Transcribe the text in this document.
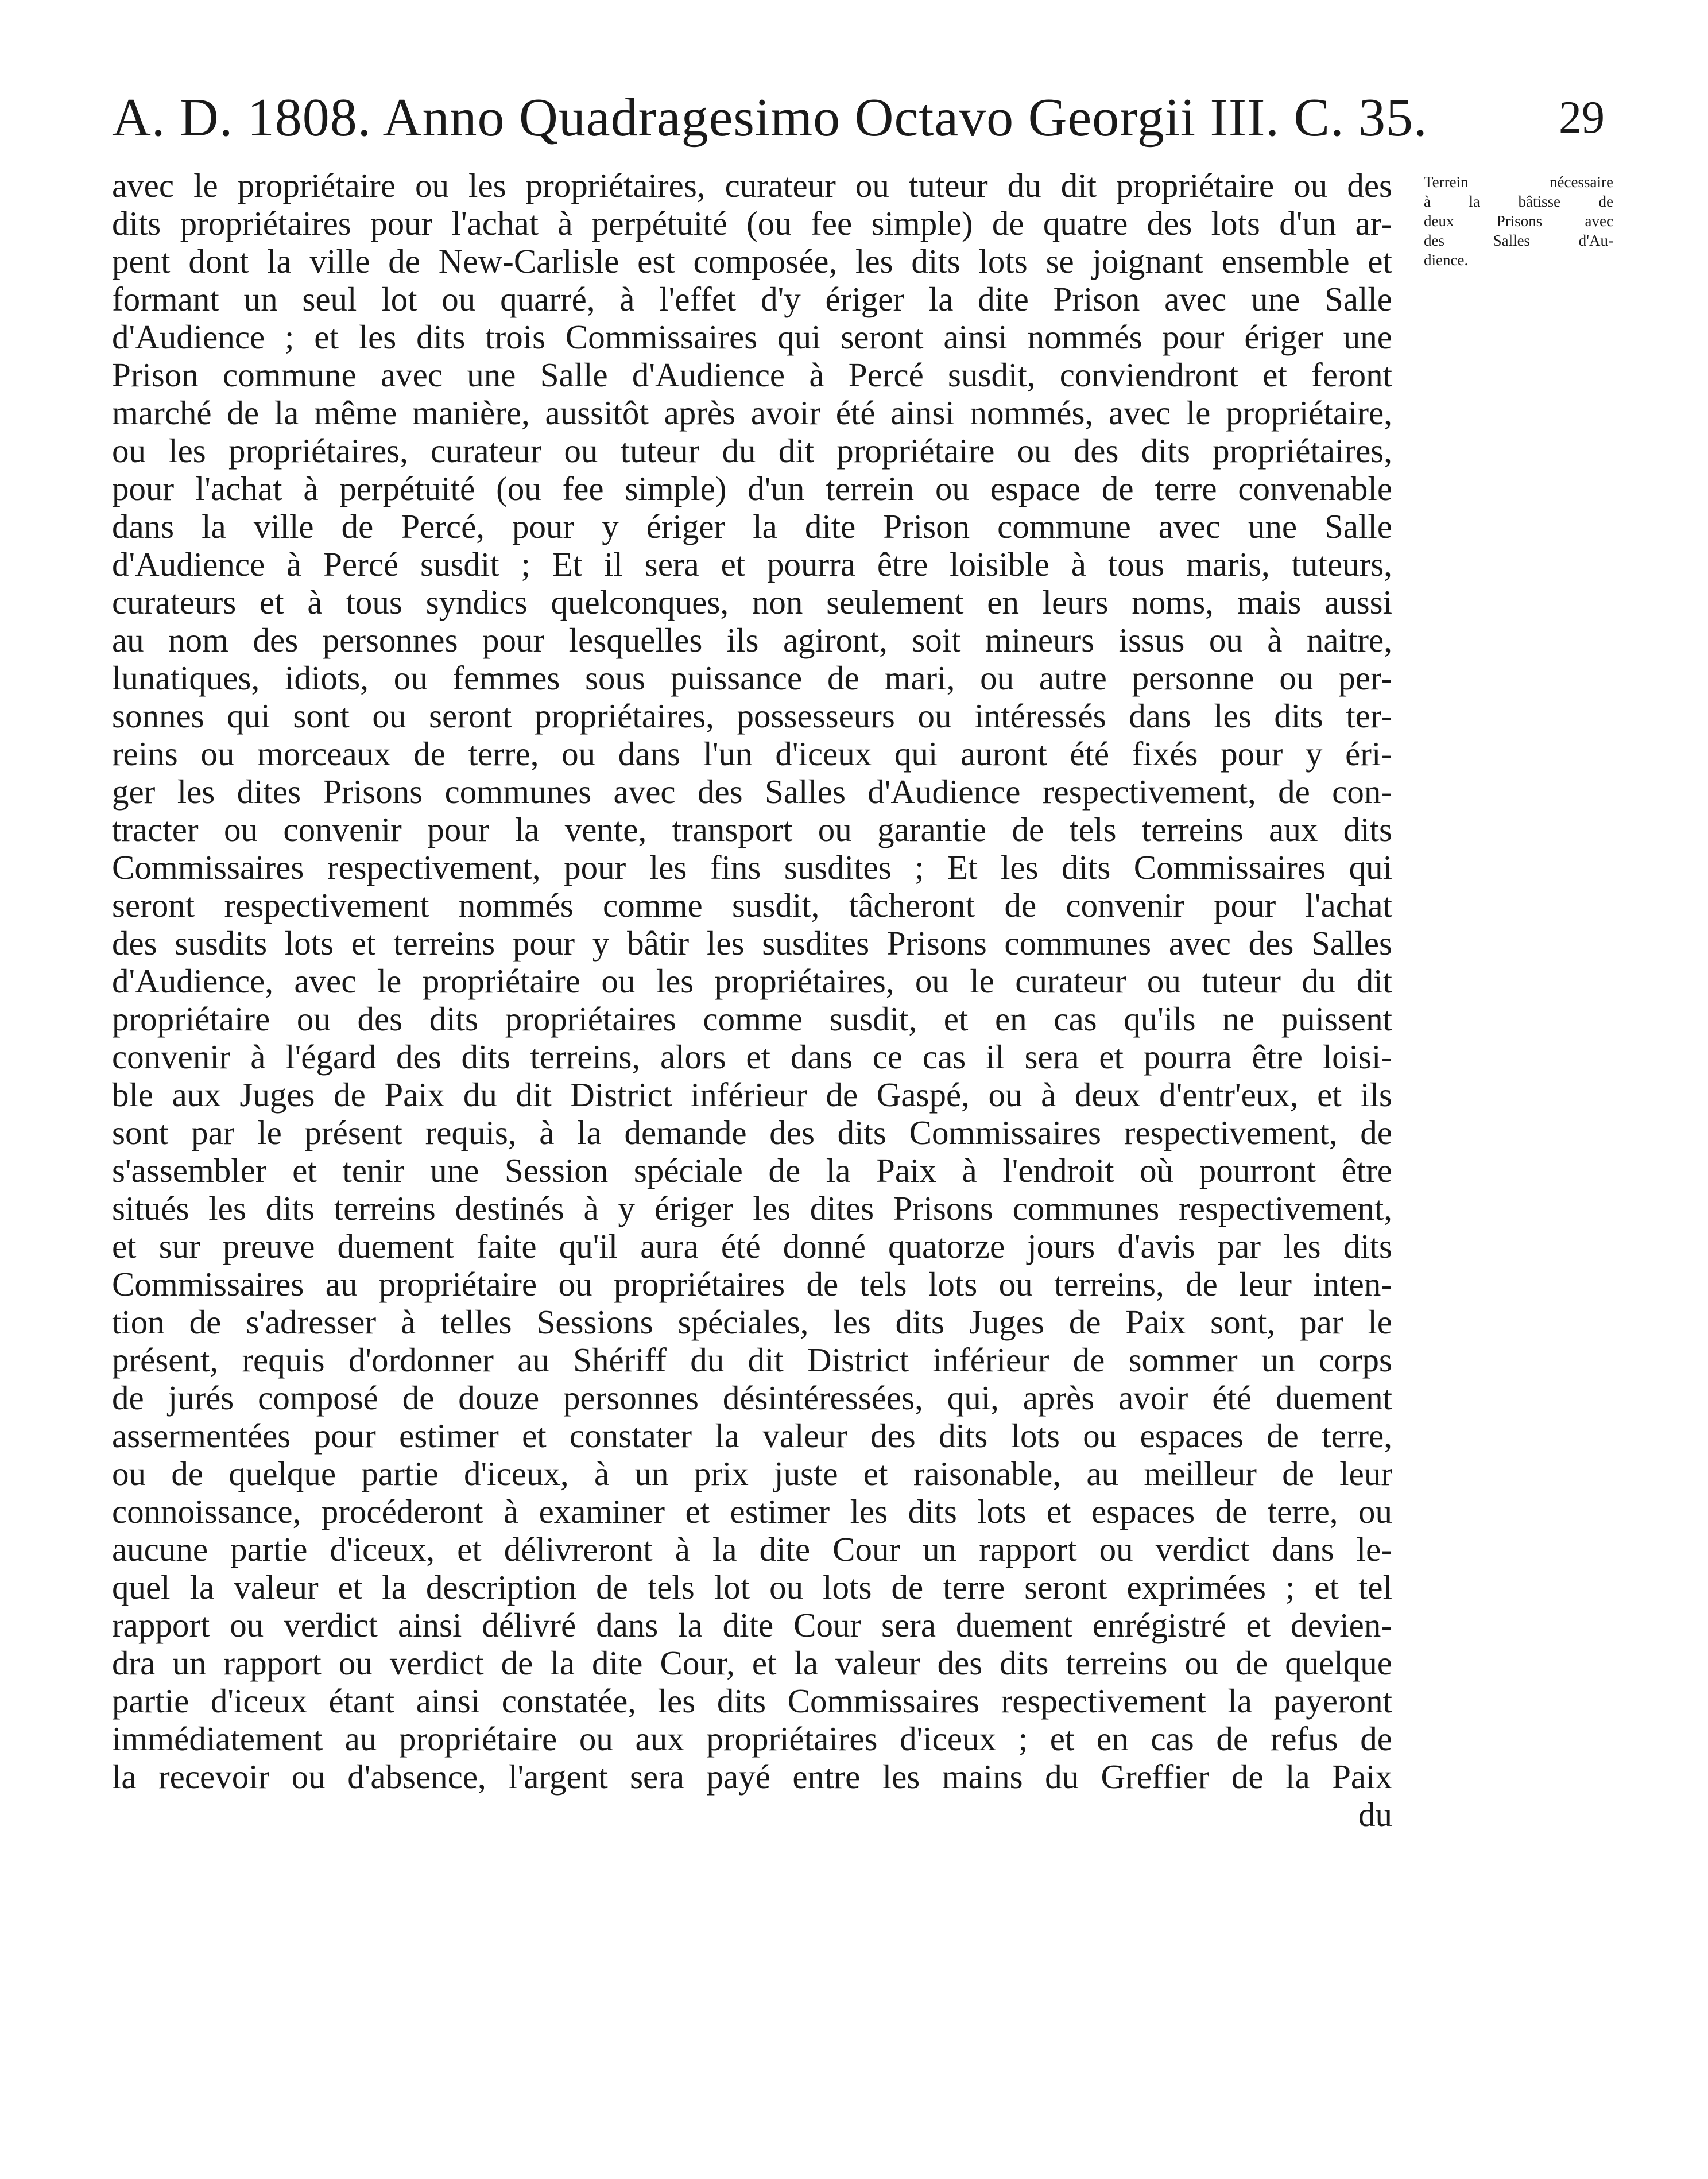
A. D. 1808. Anno Quadragesimo Octavo Georgii III. C. 35.	29
Terrein nécessaire
à la bâtisse de
deux Prisons avec
des Salles d'Au-
dience.
avec le propriétaire ou les propriétaires, curateur ou tuteur du dit propriétaire ou des
dits propriétaires pour l'achat à perpétuité (ou fee simple) de quatre des lots d'un ar-
pent dont la ville de New-Carlisle est composée, les dits lots se joignant ensemble et
formant un seul lot ou quarré, à l'effet d'y ériger la dite Prison avec une Salle
d'Audience ; et les dits trois Commissaires qui seront ainsi nommés pour ériger une
Prison commune avec une Salle d'Audience à Percé susdit, conviendront et feront
marché de la même manière, aussitôt après avoir été ainsi nommés, avec le propriétaire,
ou les propriétaires, curateur ou tuteur du dit propriétaire ou des dits propriétaires,
pour l'achat à perpétuité (ou fee simple) d'un terrein ou espace de terre convenable
dans la ville de Percé, pour y ériger la dite Prison commune avec une Salle
d'Audience à Percé susdit ; Et il sera et pourra être loisible à tous maris, tuteurs,
curateurs et à tous syndics quelconques, non seulement en leurs noms, mais aussi
au nom des personnes pour lesquelles ils agiront, soit mineurs issus ou à naitre,
lunatiques, idiots, ou femmes sous puissance de mari, ou autre personne ou per-
sonnes qui sont ou seront propriétaires, possesseurs ou intéressés dans les dits ter-
reins ou morceaux de terre, ou dans l'un d'iceux qui auront été fixés pour y éri-
ger les dites Prisons communes avec des Salles d'Audience respectivement, de con-
tracter ou convenir pour la vente, transport ou garantie de tels terreins aux dits
Commissaires respectivement, pour les fins susdites ; Et les dits Commissaires qui
seront respectivement nommés comme susdit, tâcheront de convenir pour l'achat
des susdits lots et terreins pour y bâtir les susdites Prisons communes avec des Salles
d'Audience, avec le propriétaire ou les propriétaires, ou le curateur ou tuteur du dit
propriétaire ou des dits propriétaires comme susdit, et en cas qu'ils ne puissent
convenir à l'égard des dits terreins, alors et dans ce cas il sera et pourra être loisi-
ble aux Juges de Paix du dit District inférieur de Gaspé, ou à deux d'entr'eux, et ils
sont par le présent requis, à la demande des dits Commissaires respectivement, de
s'assembler et tenir une Session spéciale de la Paix à l'endroit où pourront être
situés les dits terreins destinés à y ériger les dites Prisons communes respectivement,
et sur preuve duement faite qu'il aura été donné quatorze jours d'avis par les dits
Commissaires au propriétaire ou propriétaires de tels lots ou terreins, de leur inten-
tion de s'adresser à telles Sessions spéciales, les dits Juges de Paix sont, par le
présent, requis d'ordonner au Shériff du dit District inférieur de sommer un corps
de jurés composé de douze personnes désintéressées, qui, après avoir été duement
assermentées pour estimer et constater la valeur des dits lots ou espaces de terre,
ou de quelque partie d'iceux, à un prix juste et raisonable, au meilleur de leur
connoissance, procéderont à examiner et estimer les dits lots et espaces de terre, ou
aucune partie d'iceux, et délivreront à la dite Cour un rapport ou verdict dans le-
quel la valeur et la description de tels lot ou lots de terre seront exprimées ; et tel
rapport ou verdict ainsi délivré dans la dite Cour sera duement enrégistré et devien-
dra un rapport ou verdict de la dite Cour, et la valeur des dits terreins ou de quelque
partie d'iceux étant ainsi constatée, les dits Commissaires respectivement la payeront
immédiatement au propriétaire ou aux propriétaires d'iceux ; et en cas de refus de
la recevoir ou d'absence, l'argent sera payé entre les mains du Greffier de la Paix
du
